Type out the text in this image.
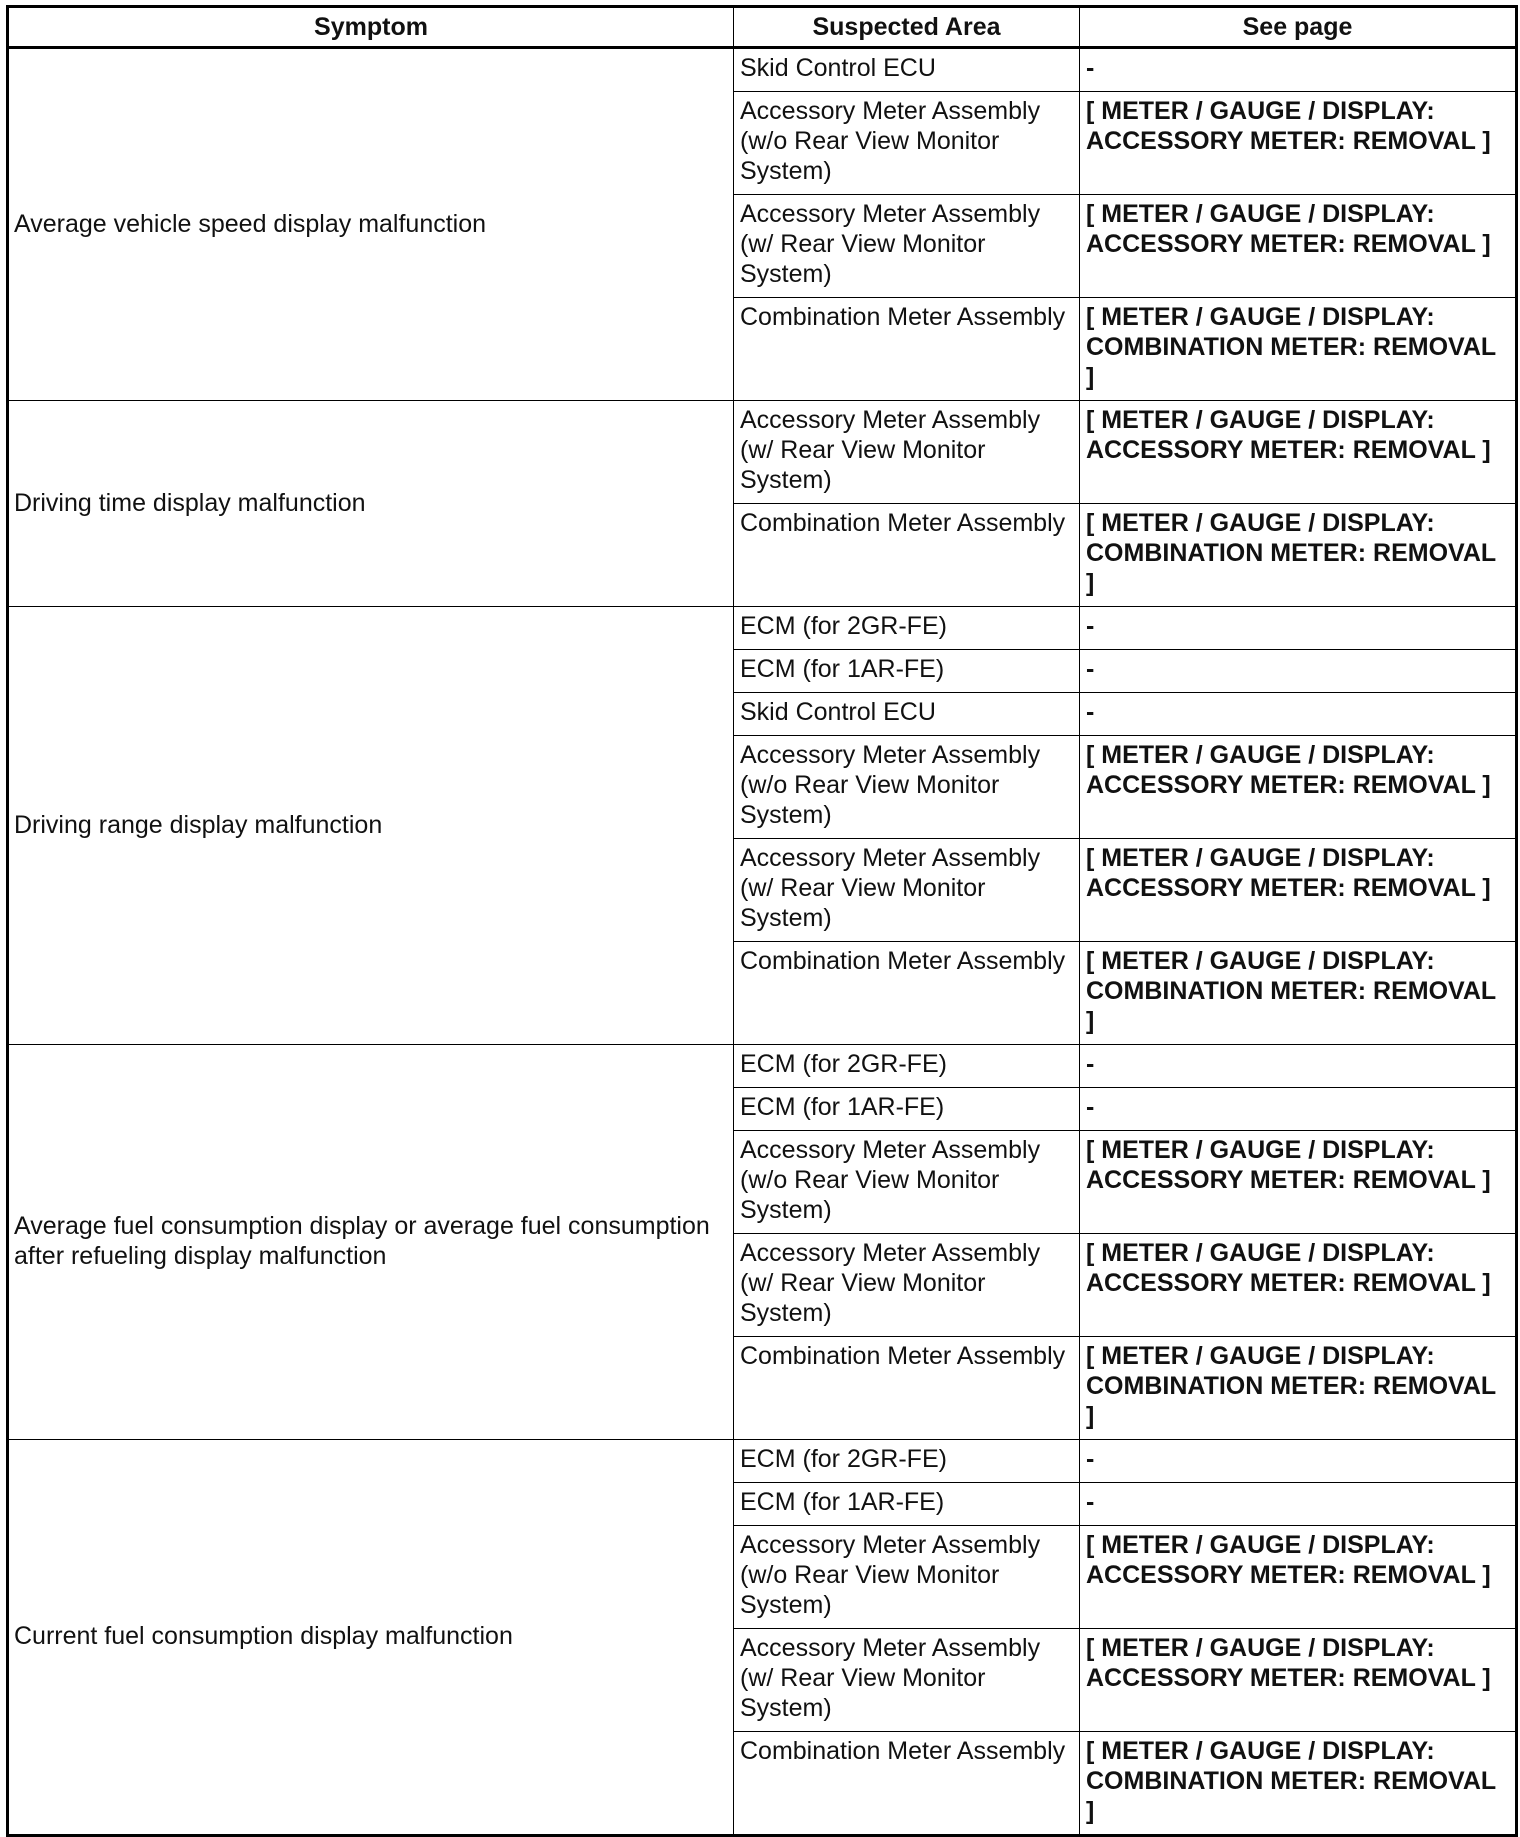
Symptom	Suspected Area	See page
Average vehicle speed display malfunction	Skid Control ECU	-
	Accessory Meter Assembly (w/o Rear View Monitor System)	[ METER / GAUGE / DISPLAY: ACCESSORY METER: REMOVAL ]
	Accessory Meter Assembly (w/ Rear View Monitor System)	[ METER / GAUGE / DISPLAY: ACCESSORY METER: REMOVAL ]
	Combination Meter Assembly	[ METER / GAUGE / DISPLAY: COMBINATION METER: REMOVAL ]
Driving time display malfunction	Accessory Meter Assembly (w/ Rear View Monitor System)	[ METER / GAUGE / DISPLAY: ACCESSORY METER: REMOVAL ]
	Combination Meter Assembly	[ METER / GAUGE / DISPLAY: COMBINATION METER: REMOVAL ]
Driving range display malfunction	ECM (for 2GR-FE)	-
	ECM (for 1AR-FE)	-
	Skid Control ECU	-
	Accessory Meter Assembly (w/o Rear View Monitor System)	[ METER / GAUGE / DISPLAY: ACCESSORY METER: REMOVAL ]
	Accessory Meter Assembly (w/ Rear View Monitor System)	[ METER / GAUGE / DISPLAY: ACCESSORY METER: REMOVAL ]
	Combination Meter Assembly	[ METER / GAUGE / DISPLAY: COMBINATION METER: REMOVAL ]
Average fuel consumption display or average fuel consumption after refueling display malfunction	ECM (for 2GR-FE)	-
	ECM (for 1AR-FE)	-
	Accessory Meter Assembly (w/o Rear View Monitor System)	[ METER / GAUGE / DISPLAY: ACCESSORY METER: REMOVAL ]
	Accessory Meter Assembly (w/ Rear View Monitor System)	[ METER / GAUGE / DISPLAY: ACCESSORY METER: REMOVAL ]
	Combination Meter Assembly	[ METER / GAUGE / DISPLAY: COMBINATION METER: REMOVAL ]
Current fuel consumption display malfunction	ECM (for 2GR-FE)	-
	ECM (for 1AR-FE)	-
	Accessory Meter Assembly (w/o Rear View Monitor System)	[ METER / GAUGE / DISPLAY: ACCESSORY METER: REMOVAL ]
	Accessory Meter Assembly (w/ Rear View Monitor System)	[ METER / GAUGE / DISPLAY: ACCESSORY METER: REMOVAL ]
	Combination Meter Assembly	[ METER / GAUGE / DISPLAY: COMBINATION METER: REMOVAL ]
